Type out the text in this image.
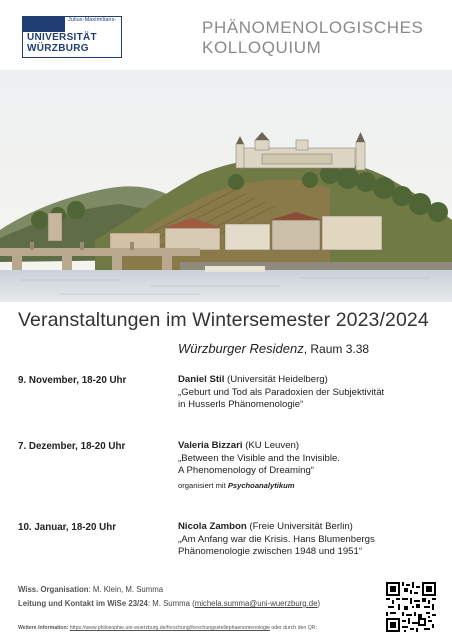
Julius-Maximilians-
UNIVERSITÄT
WÜRZBURG
PHÄNOMENOLOGISCHES
KOLLOQUIUM
Veranstaltungen im Wintersemester 2023/2024
Würzburger Residenz, Raum 3.38
9. November, 18-20 Uhr	Daniel Stil (Universität Heidelberg)
„Geburt und Tod als Paradoxien der Subjektivität
in Husserls Phänomenologie“
7. Dezember, 18-20 Uhr	Valeria Bizzari (KU Leuven)
„Between the Visible and the Invisible.
A Phenomenology of Dreaming“
organisiert mit Psychoanalytikum
10. Januar, 18-20 Uhr	Nicola Zambon (Freie Universität Berlin)
„Am Anfang war die Krisis. Hans Blumenbergs
Phänomenologie zwischen 1948 und 1951“
Wiss. Organisation: M. Klein, M. Summa
Leitung und Kontakt im WiSe 23/24: M. Summa (michela.summa@uni-wuerzburg.de)
Weitere Information: https://www.philosophie.uni-wuerzburg.de/forschung/forschungsstellephaenomenologie oder durch den QR:
